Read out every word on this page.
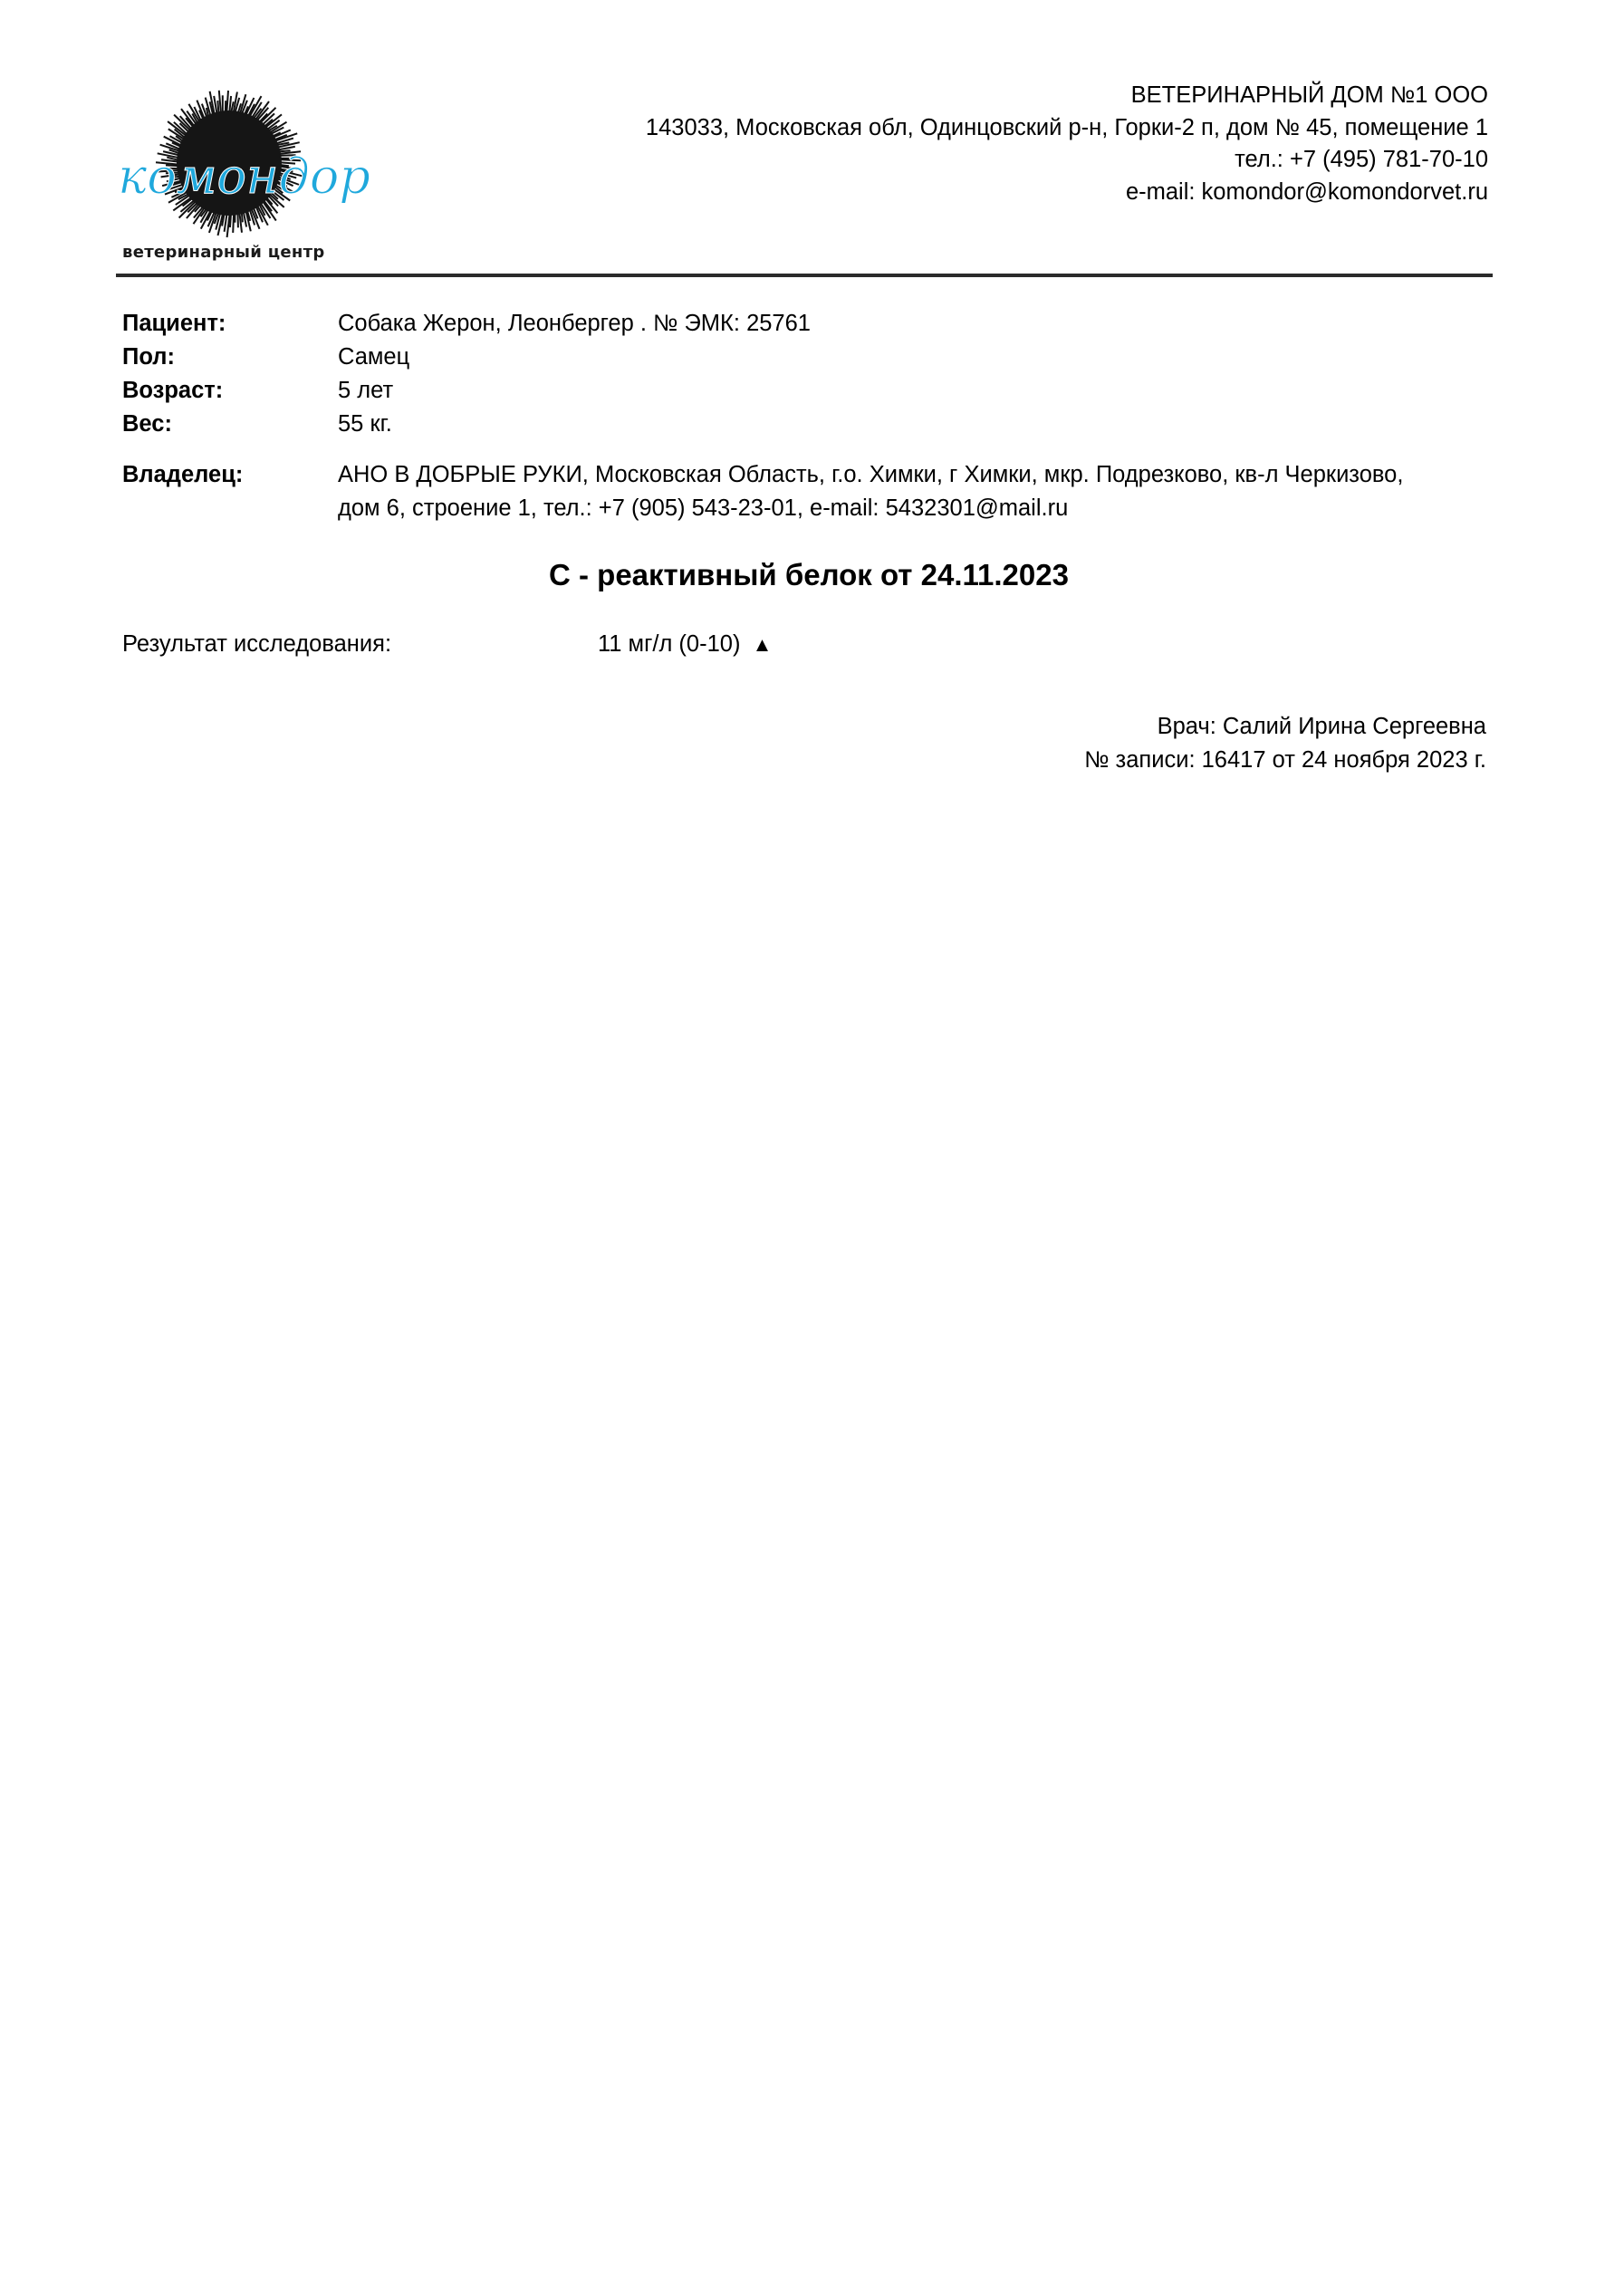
комондор
ветеринарный центр
ВЕТЕРИНАРНЫЙ ДОМ №1 ООО
143033, Московская обл, Одинцовский р-н, Горки-2 п, дом № 45, помещение 1
тел.: +7 (495) 781-70-10
e-mail: komondor@komondorvet.ru
Пациент:	Собака Жерон, Леонбергер . № ЭМК: 25761
Пол:	Самец
Возраст:	5 лет
Вес:	55 кг.
Владелец:	АНО В ДОБРЫЕ РУКИ, Московская Область, г.о. Химки, г Химки, мкр. Подрезково, кв-л Черкизово,
дом 6, строение 1, тел.: +7 (905) 543-23-01, e-mail: 5432301@mail.ru
C - реактивный белок от 24.11.2023
Результат исследования:	11 мг/л (0-10) ▲
Врач: Салий Ирина Сергеевна
№ записи: 16417 от 24 ноября 2023 г.
